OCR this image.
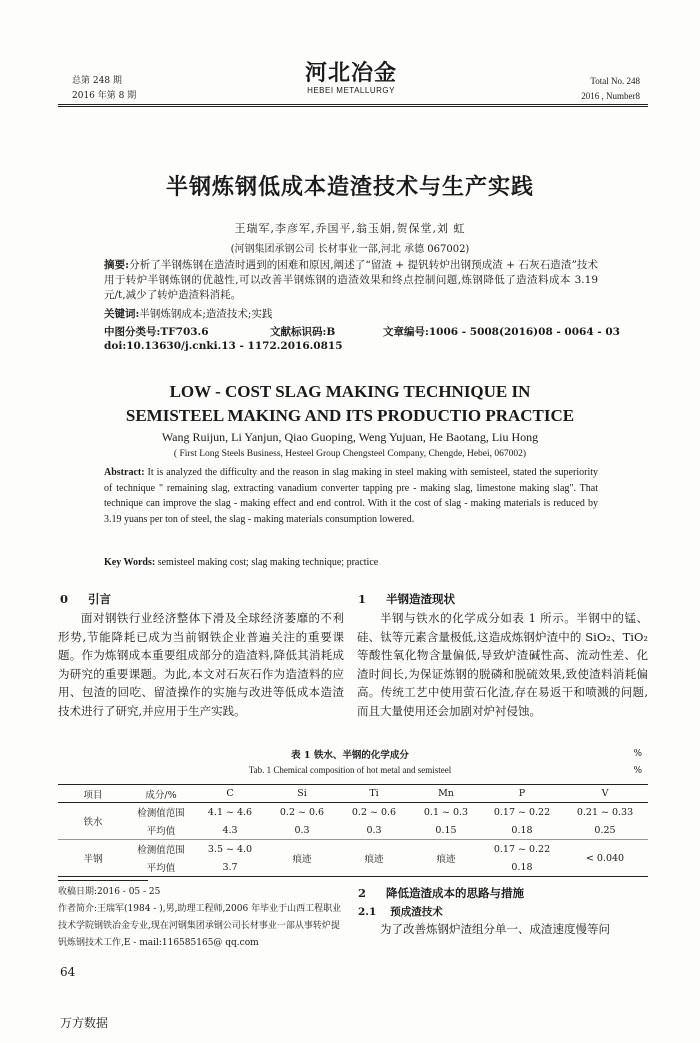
总第 248 期
2016 年第 8 期
河北冶金
HEBEI METALLURGY
Total No. 248
2016 , Number8
半钢炼钢低成本造渣技术与生产实践
王瑞军,李彦军,乔国平,翁玉娟,贺保堂,刘 虹
(河钢集团承钢公司 长材事业一部,河北 承德 067002)
摘要:分析了半钢炼钢在造渣时遇到的困难和原因,阐述了“留渣 + 提钒转炉出钢预成渣 + 石灰石造渣”技术用于转炉半钢炼钢的优越性,可以改善半钢炼钢的造渣效果和终点控制问题,炼钢降低了造渣料成本 3.19 元/t,减少了转炉造渣料消耗。
关键词:半钢炼钢成本;造渣技术;实践
中图分类号:TF703.6	文献标识码:B	文章编号:1006 - 5008(2016)08 - 0064 - 03
doi:10.13630/j.cnki.13 - 1172.2016.0815
LOW - COST SLAG MAKING TECHNIQUE IN
SEMISTEEL MAKING AND ITS PRODUCTIO PRACTICE
Wang Ruijun, Li Yanjun, Qiao Guoping, Weng Yujuan, He Baotang, Liu Hong
( First Long Steels Business, Hesteel Group Chengsteel Company, Chengde, Hebei, 067002)
Abstract: It is analyzed the difficulty and the reason in slag making in steel making with semisteel, stated the superiority of technique " remaining slag, extracting vanadium converter tapping pre - making slag, limestone making slag". That technique can improve the slag - making effect and end control. With it the cost of slag - making materials is reduced by 3.19 yuans per ton of steel, the slag - making materials consumption lowered.
Key Words: semisteel making cost; slag making technique; practice
0 引言
面对钢铁行业经济整体下滑及全球经济萎靡的不利形势,节能降耗已成为当前钢铁企业普遍关注的重要课题。作为炼钢成本重要组成部分的造渣料,降低其消耗成为研究的重要课题。为此,本文对石灰石作为造渣料的应用、包渣的回吃、留渣操作的实施与改进等低成本造渣技术进行了研究,并应用于生产实践。
1 半钢造渣现状
半钢与铁水的化学成分如表 1 所示。半钢中的锰、硅、钛等元素含量极低,这造成炼钢炉渣中的 SiO₂、TiO₂ 等酸性氧化物含量偏低,导致炉渣碱性高、流动性差、化渣时间长,为保证炼钢的脱磷和脱硫效果,致使渣料消耗偏高。传统工艺中使用萤石化渣,存在易返干和喷溅的问题,而且大量使用还会加剧对炉衬侵蚀。
表 1 铁水、半钢的化学成分	%
Tab. 1 Chemical composition of hot metal and semisteel	%
项目	成分/%	C	Si	Ti	Mn	P	V
铁水	检测值范围	4.1 ~ 4.6	0.2 ~ 0.6	0.2 ~ 0.6	0.1 ~ 0.3	0.17 ~ 0.22	0.21 ~ 0.33
	平均值	4.3	0.3	0.3	0.15	0.18	0.25
半钢	检测值范围	3.5 ~ 4.0	痕迹	痕迹	痕迹	0.17 ~ 0.22	< 0.040
	平均值	3.7				0.18	
收稿日期:2016 - 05 - 25
作者简介:王瑞军(1984 - ),男,助理工程师,2006 年毕业于山西工程职业技术学院钢铁冶金专业,现在河钢集团承钢公司长材事业一部从事转炉提钒炼钢技术工作,E - mail:116585165@ qq.com
2 降低造渣成本的思路与措施
2.1 预成渣技术
为了改善炼钢炉渣组分单一、成渣速度慢等问
64
万方数据
